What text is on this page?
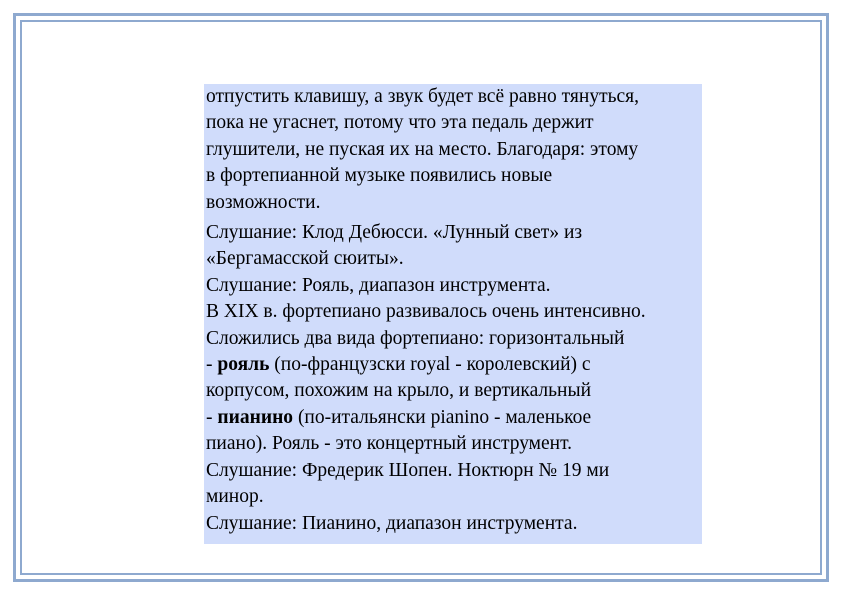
отпустить клавишу, а звук будет всё равно тянуться,

пока не угаснет, потому что эта педаль держит

глушители, не пуская их на место. Благодаря: этому

в фортепианной музыке появились новые

возможности.

Слушание: Клод Дебюсси. «Лунный свет» из

«Бергамасской сюиты».

Слушание: Рояль, диапазон инструмента.

В XIX в. фортепиано развивалось очень интенсивно.

Сложились два вида фортепиано: горизонтальный

- рояль (по-французски royal - королевский) с

корпусом, похожим на крыло, и вертикальный

- пианино (по-итальянски pianino - маленькое

пиано). Рояль - это концертный инструмент.

Слушание: Фредерик Шопен. Ноктюрн № 19 ми

минор.

Слушание: Пианино, диапазон инструмента.
